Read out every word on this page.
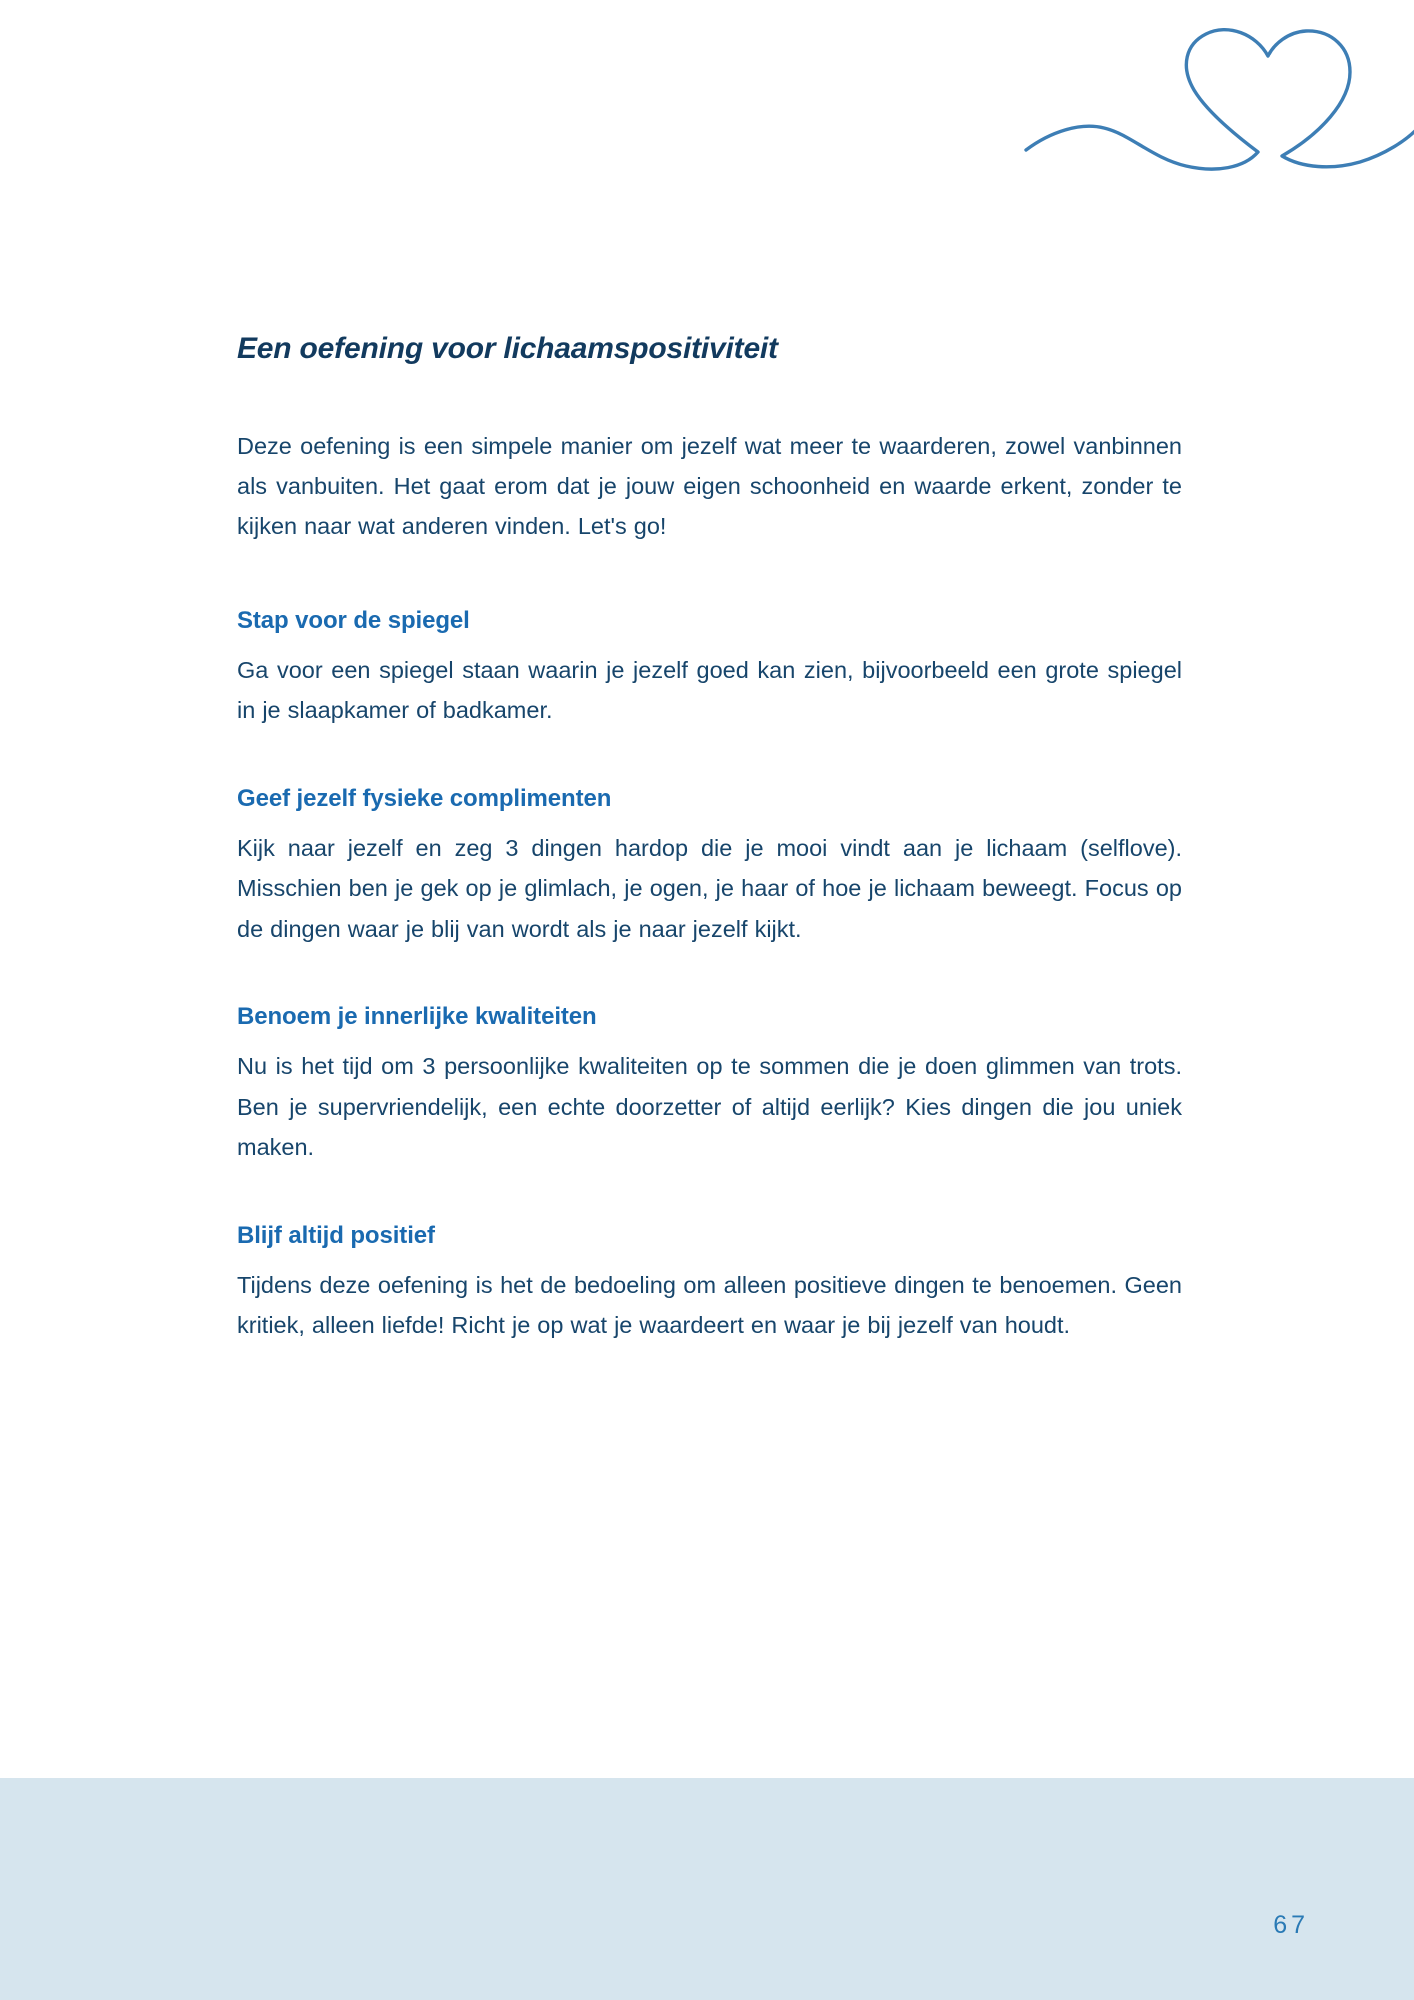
Een oefening voor lichaamspositiviteit

Deze oefening is een simpele manier om jezelf wat meer te waarderen, zowel vanbinnen als vanbuiten. Het gaat erom dat je jouw eigen schoonheid en waarde erkent, zonder te kijken naar wat anderen vinden. Let's go!

Stap voor de spiegel

Ga voor een spiegel staan waarin je jezelf goed kan zien, bijvoorbeeld een grote spiegel in je slaapkamer of badkamer.

Geef jezelf fysieke complimenten

Kijk naar jezelf en zeg 3 dingen hardop die je mooi vindt aan je lichaam (selflove). Misschien ben je gek op je glimlach, je ogen, je haar of hoe je lichaam beweegt. Focus op de dingen waar je blij van wordt als je naar jezelf kijkt.

Benoem je innerlijke kwaliteiten

Nu is het tijd om 3 persoonlijke kwaliteiten op te sommen die je doen glimmen van trots. Ben je supervriendelijk, een echte doorzetter of altijd eerlijk? Kies dingen die jou uniek maken.

Blijf altijd positief

Tijdens deze oefening is het de bedoeling om alleen positieve dingen te benoemen. Geen kritiek, alleen liefde! Richt je op wat je waardeert en waar je bij jezelf van houdt.

67
